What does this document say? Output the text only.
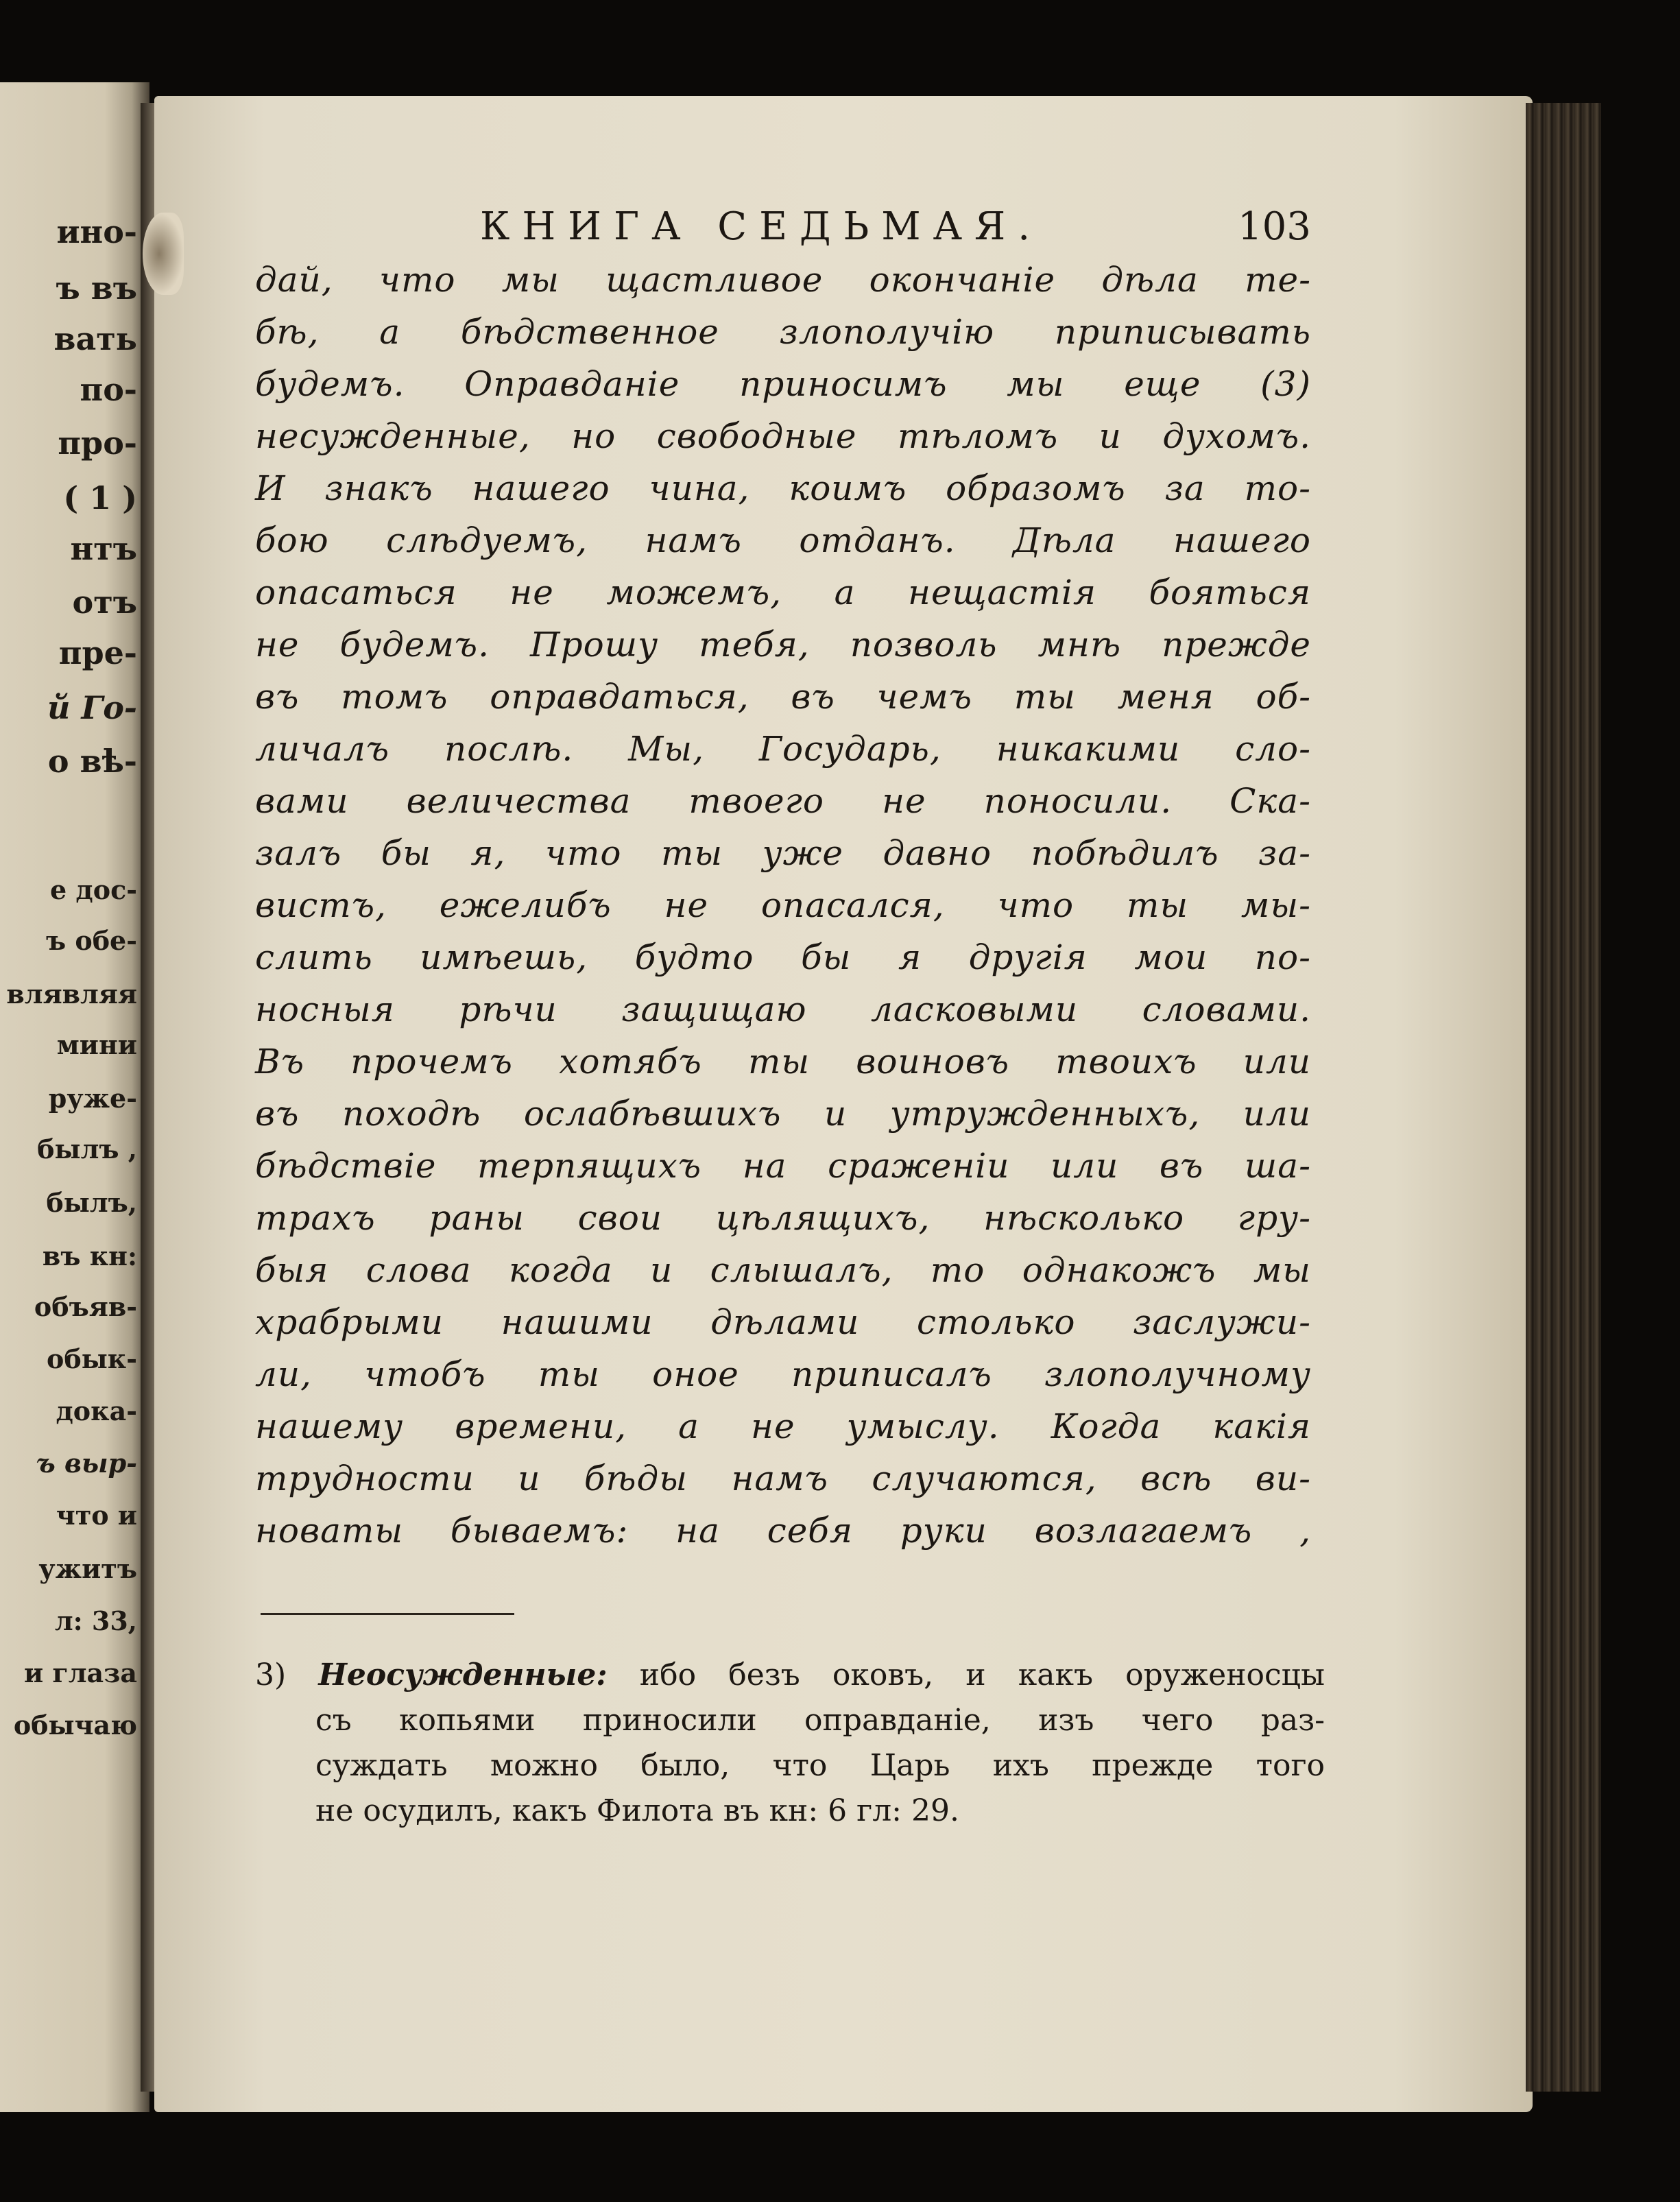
ино-
ъ въ
вать
по-
про-
( 1 )
нтъ
отъ
пре-
й Го-
о вѣ-
е дос-
ъ обе-
влявляя
мини
руже-
былъ ,
былъ,
въ кн:
объяв-
обык-
дока-
ъ выр-
что и
ужитъ
л: 33,
и глаза
обычаю
КНИГА СЕДЬМАЯ.	103
дай, что мы щастливое окончаніе дѣла те-
бѣ, а бѣдственное злополучію приписывать
будемъ. Оправданіе приносимъ мы еще (3)
несужденные, но свободные тѣломъ и духомъ.
И знакъ нашего чина, коимъ образомъ за то-
бою слѣдуемъ, намъ отданъ. Дѣла нашего
опасаться не можемъ, а нещастія бояться
не будемъ. Прошу тебя, позволь мнѣ прежде
въ томъ оправдаться, въ чемъ ты меня об-
личалъ послѣ. Мы, Государь, никакими сло-
вами величества твоего не поносили. Ска-
залъ бы я, что ты уже давно побѣдилъ за-
вистъ, ежелибъ не опасался, что ты мы-
слить имѣешь, будто бы я другія мои по-
носныя рѣчи защищаю ласковыми словами.
Въ прочемъ хотябъ ты воиновъ твоихъ или
въ походѣ ослабѣвшихъ и утружденныхъ, или
бѣдствіе терпящихъ на сраженіи или въ ша-
трахъ раны свои цѣлящихъ, нѣсколько гру-
быя слова когда и слышалъ, то однакожъ мы
храбрыми нашими дѣлами столько заслужи-
ли, чтобъ ты оное приписалъ злополучному
нашему времени, а не умыслу. Когда какія
трудности и бѣды намъ случаются, всѣ ви-
новаты бываемъ: на себя руки возлагаемъ ,
3) Неосужденные: ибо безъ оковъ, и какъ оруженосцы
съ копьями приносили оправданіе, изъ чего раз-
суждать можно было, что Царь ихъ прежде того
не осудилъ, какъ Филота въ кн: 6 гл: 29.
